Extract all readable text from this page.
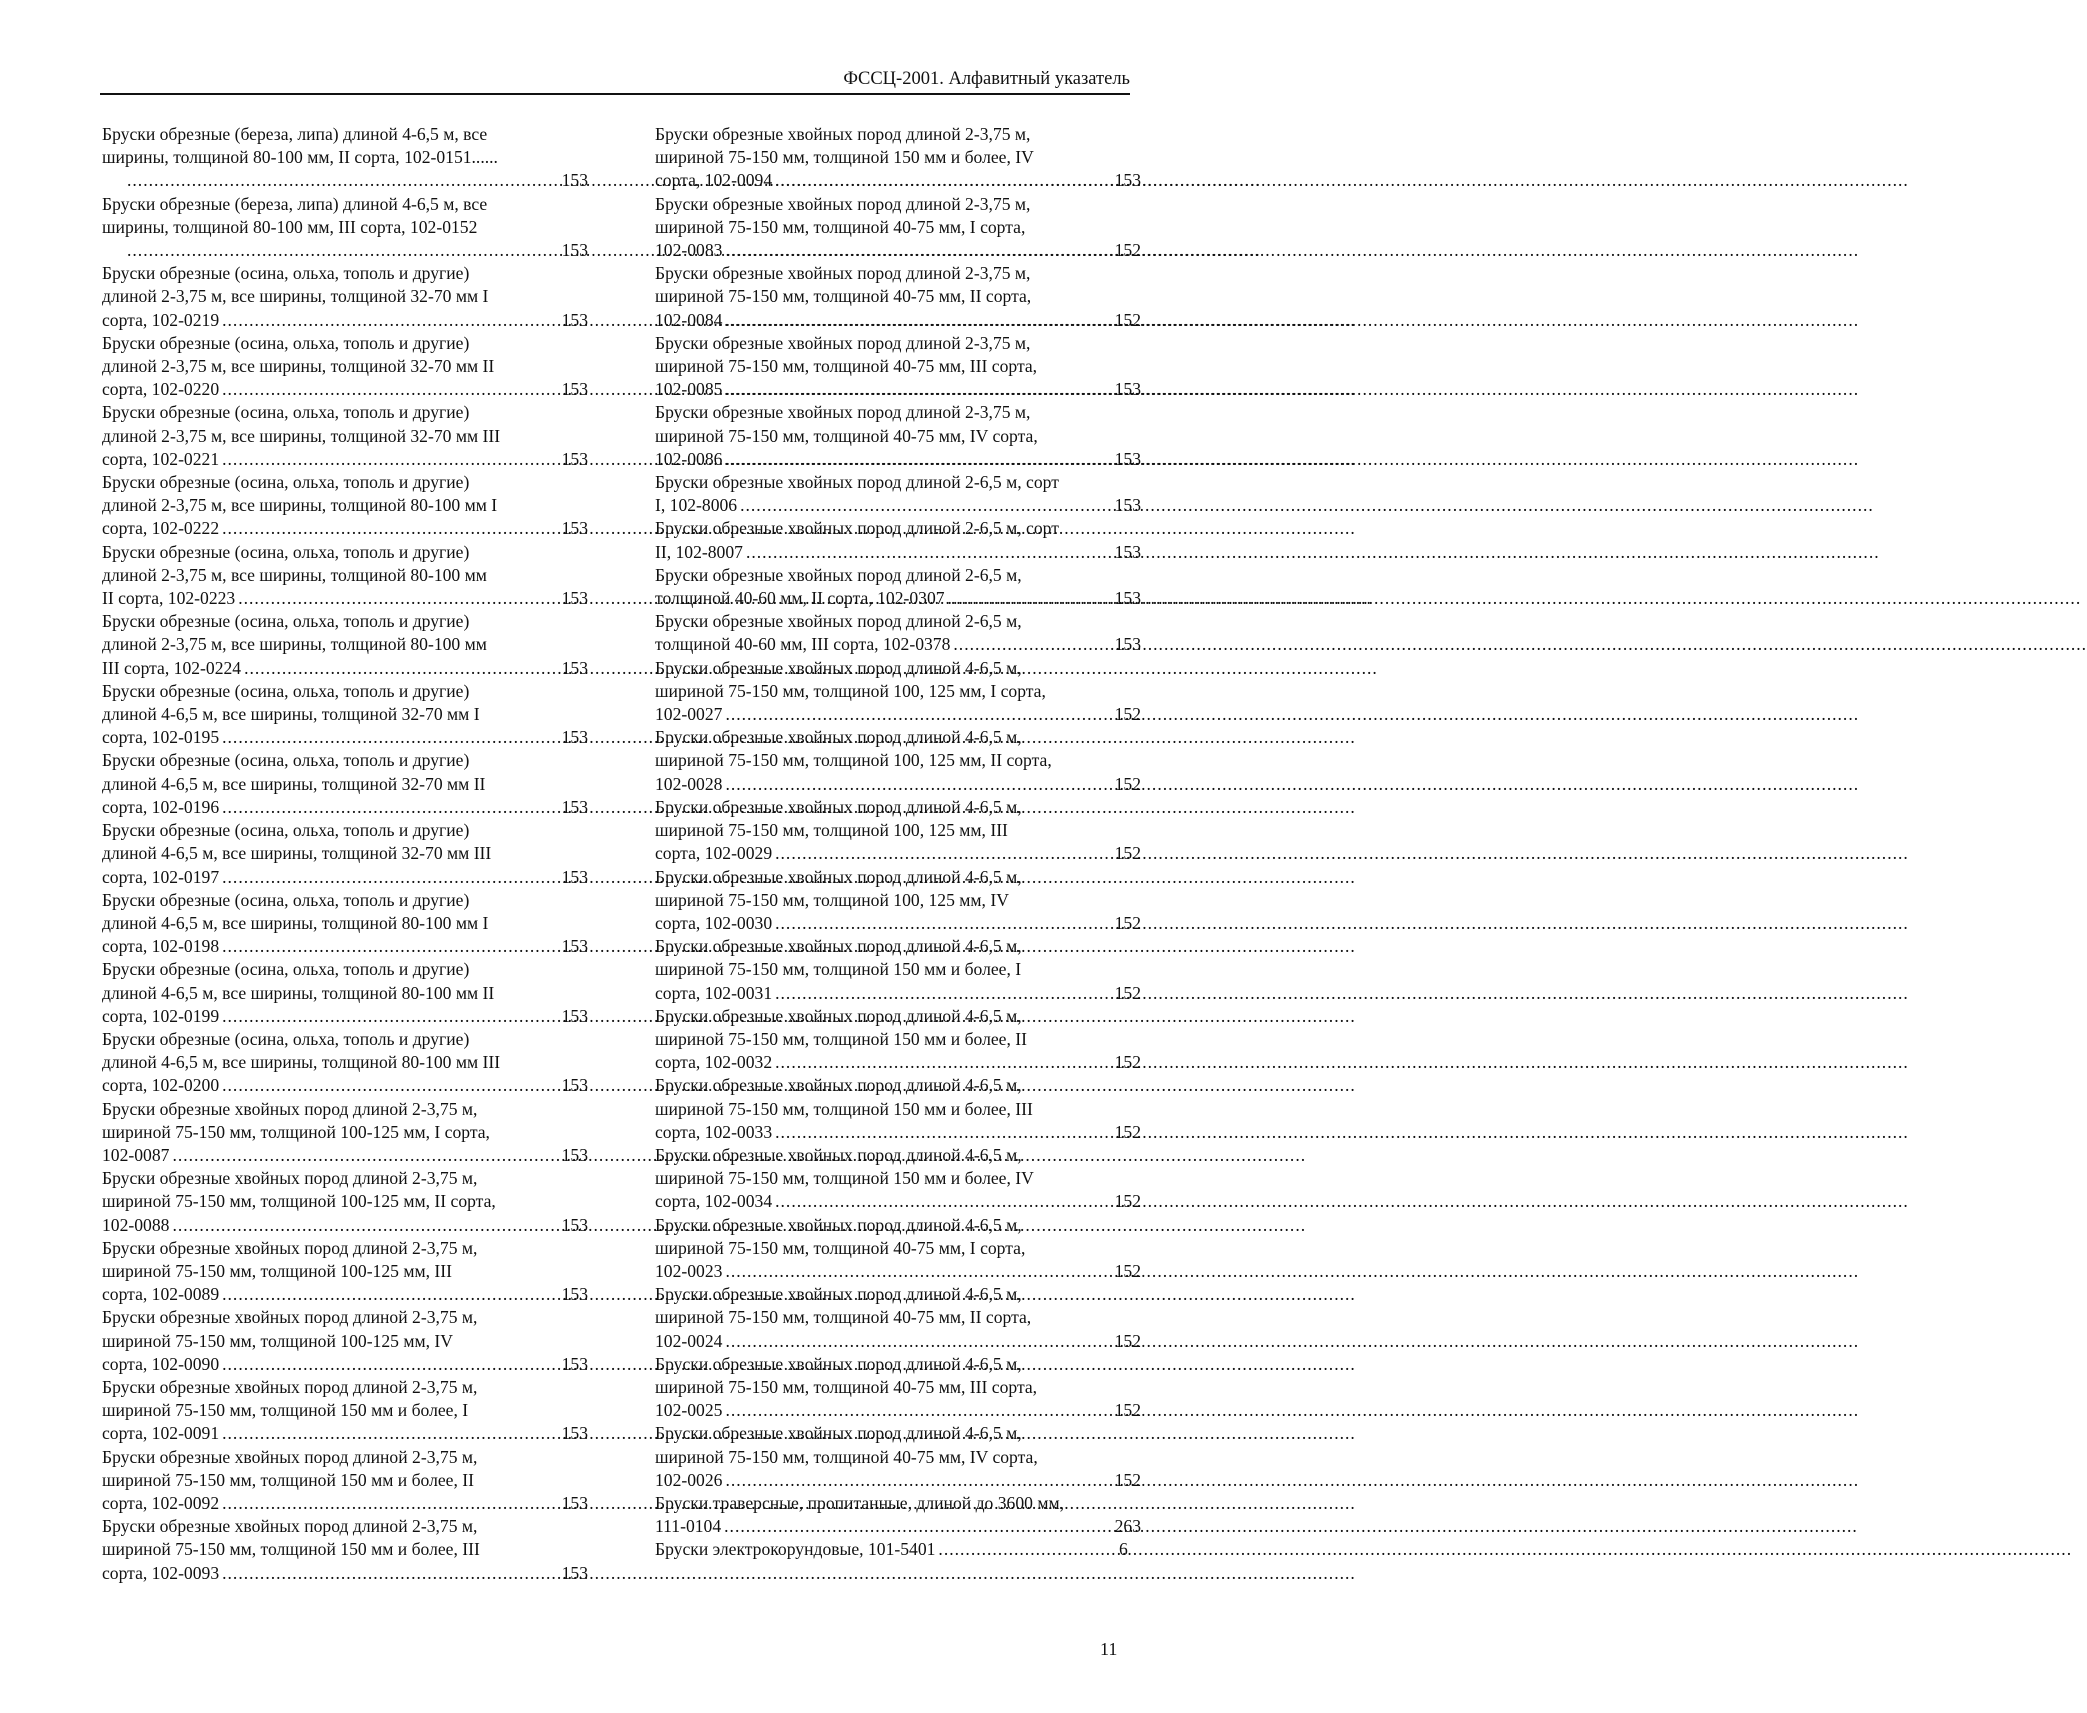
ФССЦ-2001. Алфавитный указатель
Бруски обрезные (береза, липа) длиной 4-6,5 м, все
ширины, толщиной 80-100 мм, II сорта, 102-0151......
.....
153
Бруски обрезные (береза, липа) длиной 4-6,5 м, все
ширины, толщиной 80-100 мм, III сорта, 102-0152
.....
153
Бруски обрезные (осина, ольха, тополь и другие)
длиной 2-3,75 м, все ширины, толщиной 32-70 мм I
сорта, 102-0219 .....	153
Бруски обрезные (осина, ольха, тополь и другие)
длиной 2-3,75 м, все ширины, толщиной 32-70 мм II
сорта, 102-0220 .....	153
Бруски обрезные (осина, ольха, тополь и другие)
длиной 2-3,75 м, все ширины, толщиной 32-70 мм III
сорта, 102-0221 .....	153
Бруски обрезные (осина, ольха, тополь и другие)
длиной 2-3,75 м, все ширины, толщиной 80-100 мм I
сорта, 102-0222 .....	153
Бруски обрезные (осина, ольха, тополь и другие)
длиной 2-3,75 м, все ширины, толщиной 80-100 мм
II сорта, 102-0223 .....	153
Бруски обрезные (осина, ольха, тополь и другие)
длиной 2-3,75 м, все ширины, толщиной 80-100 мм
III сорта, 102-0224 .....	153
Бруски обрезные (осина, ольха, тополь и другие)
длиной 4-6,5 м, все ширины, толщиной 32-70 мм I
сорта, 102-0195 .....	153
Бруски обрезные (осина, ольха, тополь и другие)
длиной 4-6,5 м, все ширины, толщиной 32-70 мм II
сорта, 102-0196 .....	153
Бруски обрезные (осина, ольха, тополь и другие)
длиной 4-6,5 м, все ширины, толщиной 32-70 мм III
сорта, 102-0197 .....	153
Бруски обрезные (осина, ольха, тополь и другие)
длиной 4-6,5 м, все ширины, толщиной 80-100 мм I
сорта, 102-0198 .....	153
Бруски обрезные (осина, ольха, тополь и другие)
длиной 4-6,5 м, все ширины, толщиной 80-100 мм II
сорта, 102-0199 .....	153
Бруски обрезные (осина, ольха, тополь и другие)
длиной 4-6,5 м, все ширины, толщиной 80-100 мм III
сорта, 102-0200 .....	153
Бруски обрезные хвойных пород длиной 2-3,75 м,
шириной 75-150 мм, толщиной 100-125 мм, I сорта,
102-0087 .....	153
Бруски обрезные хвойных пород длиной 2-3,75 м,
шириной 75-150 мм, толщиной 100-125 мм, II сорта,
102-0088 .....	153
Бруски обрезные хвойных пород длиной 2-3,75 м,
шириной 75-150 мм, толщиной 100-125 мм, III
сорта, 102-0089 .....	153
Бруски обрезные хвойных пород длиной 2-3,75 м,
шириной 75-150 мм, толщиной 100-125 мм, IV
сорта, 102-0090 .....	153
Бруски обрезные хвойных пород длиной 2-3,75 м,
шириной 75-150 мм, толщиной 150 мм и более, I
сорта, 102-0091 .....	153
Бруски обрезные хвойных пород длиной 2-3,75 м,
шириной 75-150 мм, толщиной 150 мм и более, II
сорта, 102-0092 .....	153
Бруски обрезные хвойных пород длиной 2-3,75 м,
шириной 75-150 мм, толщиной 150 мм и более, III
сорта, 102-0093 .....	153
Бруски обрезные хвойных пород длиной 2-3,75 м,
шириной 75-150 мм, толщиной 150 мм и более, IV
сорта, 102-0094 .....	153
Бруски обрезные хвойных пород длиной 2-3,75 м,
шириной 75-150 мм, толщиной 40-75 мм, I сорта,
102-0083 .....	152
Бруски обрезные хвойных пород длиной 2-3,75 м,
шириной 75-150 мм, толщиной 40-75 мм, II сорта,
102-0084 .....	152
Бруски обрезные хвойных пород длиной 2-3,75 м,
шириной 75-150 мм, толщиной 40-75 мм, III сорта,
102-0085 .....	153
Бруски обрезные хвойных пород длиной 2-3,75 м,
шириной 75-150 мм, толщиной 40-75 мм, IV сорта,
102-0086 .....	153
Бруски обрезные хвойных пород длиной 2-6,5 м, сорт
I, 102-8006 .....	153
Бруски обрезные хвойных пород длиной 2-6,5 м, сорт
II, 102-8007 .....	153
Бруски обрезные хвойных пород длиной 2-6,5 м,
толщиной 40-60 мм, II сорта, 102-0307 .....	153
Бруски обрезные хвойных пород длиной 2-6,5 м,
толщиной 40-60 мм, III сорта, 102-0378 .....	153
Бруски обрезные хвойных пород длиной 4-6,5 м,
шириной 75-150 мм, толщиной 100, 125 мм, I сорта,
102-0027 .....	152
Бруски обрезные хвойных пород длиной 4-6,5 м,
шириной 75-150 мм, толщиной 100, 125 мм, II сорта,
102-0028 .....	152
Бруски обрезные хвойных пород длиной 4-6,5 м,
шириной 75-150 мм, толщиной 100, 125 мм, III
сорта, 102-0029 .....	152
Бруски обрезные хвойных пород длиной 4-6,5 м,
шириной 75-150 мм, толщиной 100, 125 мм, IV
сорта, 102-0030 .....	152
Бруски обрезные хвойных пород длиной 4-6,5 м,
шириной 75-150 мм, толщиной 150 мм и более, I
сорта, 102-0031 .....	152
Бруски обрезные хвойных пород длиной 4-6,5 м,
шириной 75-150 мм, толщиной 150 мм и более, II
сорта, 102-0032 .....	152
Бруски обрезные хвойных пород длиной 4-6,5 м,
шириной 75-150 мм, толщиной 150 мм и более, III
сорта, 102-0033 .....	152
Бруски обрезные хвойных пород длиной 4-6,5 м,
шириной 75-150 мм, толщиной 150 мм и более, IV
сорта, 102-0034 .....	152
Бруски обрезные хвойных пород длиной 4-6,5 м,
шириной 75-150 мм, толщиной 40-75 мм, I сорта,
102-0023 .....	152
Бруски обрезные хвойных пород длиной 4-6,5 м,
шириной 75-150 мм, толщиной 40-75 мм, II сорта,
102-0024 .....	152
Бруски обрезные хвойных пород длиной 4-6,5 м,
шириной 75-150 мм, толщиной 40-75 мм, III сорта,
102-0025 .....	152
Бруски обрезные хвойных пород длиной 4-6,5 м,
шириной 75-150 мм, толщиной 40-75 мм, IV сорта,
102-0026 .....	152
Бруски траверсные, пропитанные, длиной до 3600 мм,
111-0104 .....	263
Бруски электрокорундовые, 101-5401 .....	6
11
